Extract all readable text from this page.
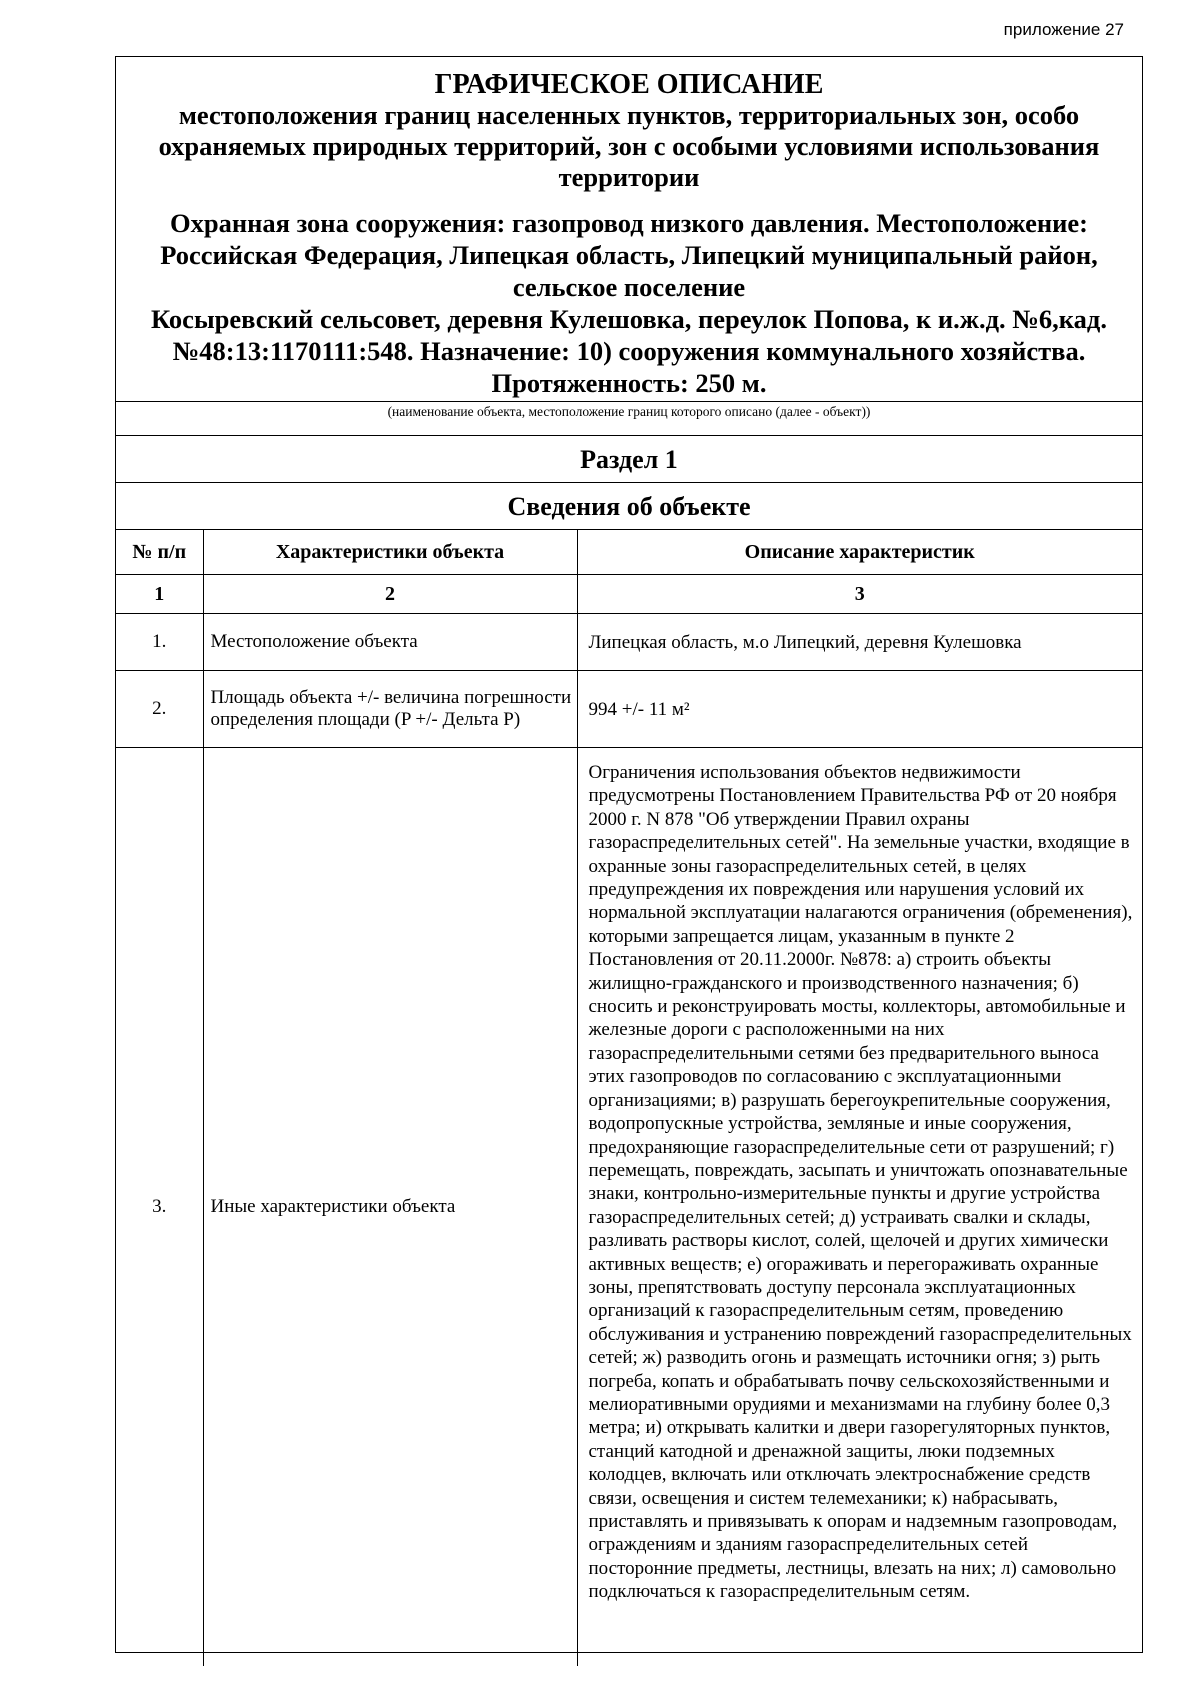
приложение 27
ГРАФИЧЕСКОЕ ОПИСАНИЕ
местоположения границ населенных пунктов, территориальных зон, особо охраняемых природных территорий, зон с особыми условиями использования территории
Охранная зона сооружения: газопровод низкого давления. Местоположение: Российская Федерация, Липецкая область, Липецкий муниципальный район, сельское поселение
Косыревский сельсовет, деревня Кулешовка, переулок Попова, к и.ж.д. №6,кад.№48:13:1170111:548. Назначение: 10) сооружения коммунального хозяйства. Протяженность: 250 м.
(наименование объекта, местоположение границ которого описано (далее - объект))
Раздел 1
Сведения об объекте
№ п/п	Характеристики объекта	Описание характеристик
1	2	3
1.	Местоположение объекта	Липецкая область, м.о Липецкий, деревня Кулешовка
2.	Площадь объекта +/- величина погрешности определения площади (P +/- Дельта P)	994 +/- 11 м²
3.	Иные характеристики объекта	Ограничения использования объектов недвижимости предусмотрены Постановлением Правительства РФ от 20 ноября 2000 г. N 878 "Об утверждении Правил охраны газораспределительных сетей". На земельные участки, входящие в охранные зоны газораспределительных сетей, в целях предупреждения их повреждения или нарушения условий их нормальной эксплуатации налагаются ограничения (обременения), которыми запрещается лицам, указанным в пункте 2 Постановления от 20.11.2000г. №878: а) строить объекты жилищно-гражданского и производственного назначения; б) сносить и реконструировать мосты, коллекторы, автомобильные и железные дороги с расположенными на них газораспределительными сетями без предварительного выноса этих газопроводов по согласованию с эксплуатационными организациями; в) разрушать берегоукрепительные сооружения, водопропускные устройства, земляные и иные сооружения, предохраняющие газораспределительные сети от разрушений; г) перемещать, повреждать, засыпать и уничтожать опознавательные знаки, контрольно-измерительные пункты и другие устройства газораспределительных сетей; д) устраивать свалки и склады, разливать растворы кислот, солей, щелочей и других химически активных веществ; е) огораживать и перегораживать охранные зоны, препятствовать доступу персонала эксплуатационных организаций к газораспределительным сетям, проведению обслуживания и устранению повреждений газораспределительных сетей; ж) разводить огонь и размещать источники огня; з) рыть погреба, копать и обрабатывать почву сельскохозяйственными и мелиоративными орудиями и механизмами на глубину более 0,3 метра; и) открывать калитки и двери газорегуляторных пунктов, станций катодной и дренажной защиты, люки подземных колодцев, включать или отключать электроснабжение средств связи, освещения и систем телемеханики; к) набрасывать, приставлять и привязывать к опорам и надземным газопроводам, ограждениям и зданиям газораспределительных сетей посторонние предметы, лестницы, влезать на них; л) самовольно подключаться к газораспределительным сетям.
